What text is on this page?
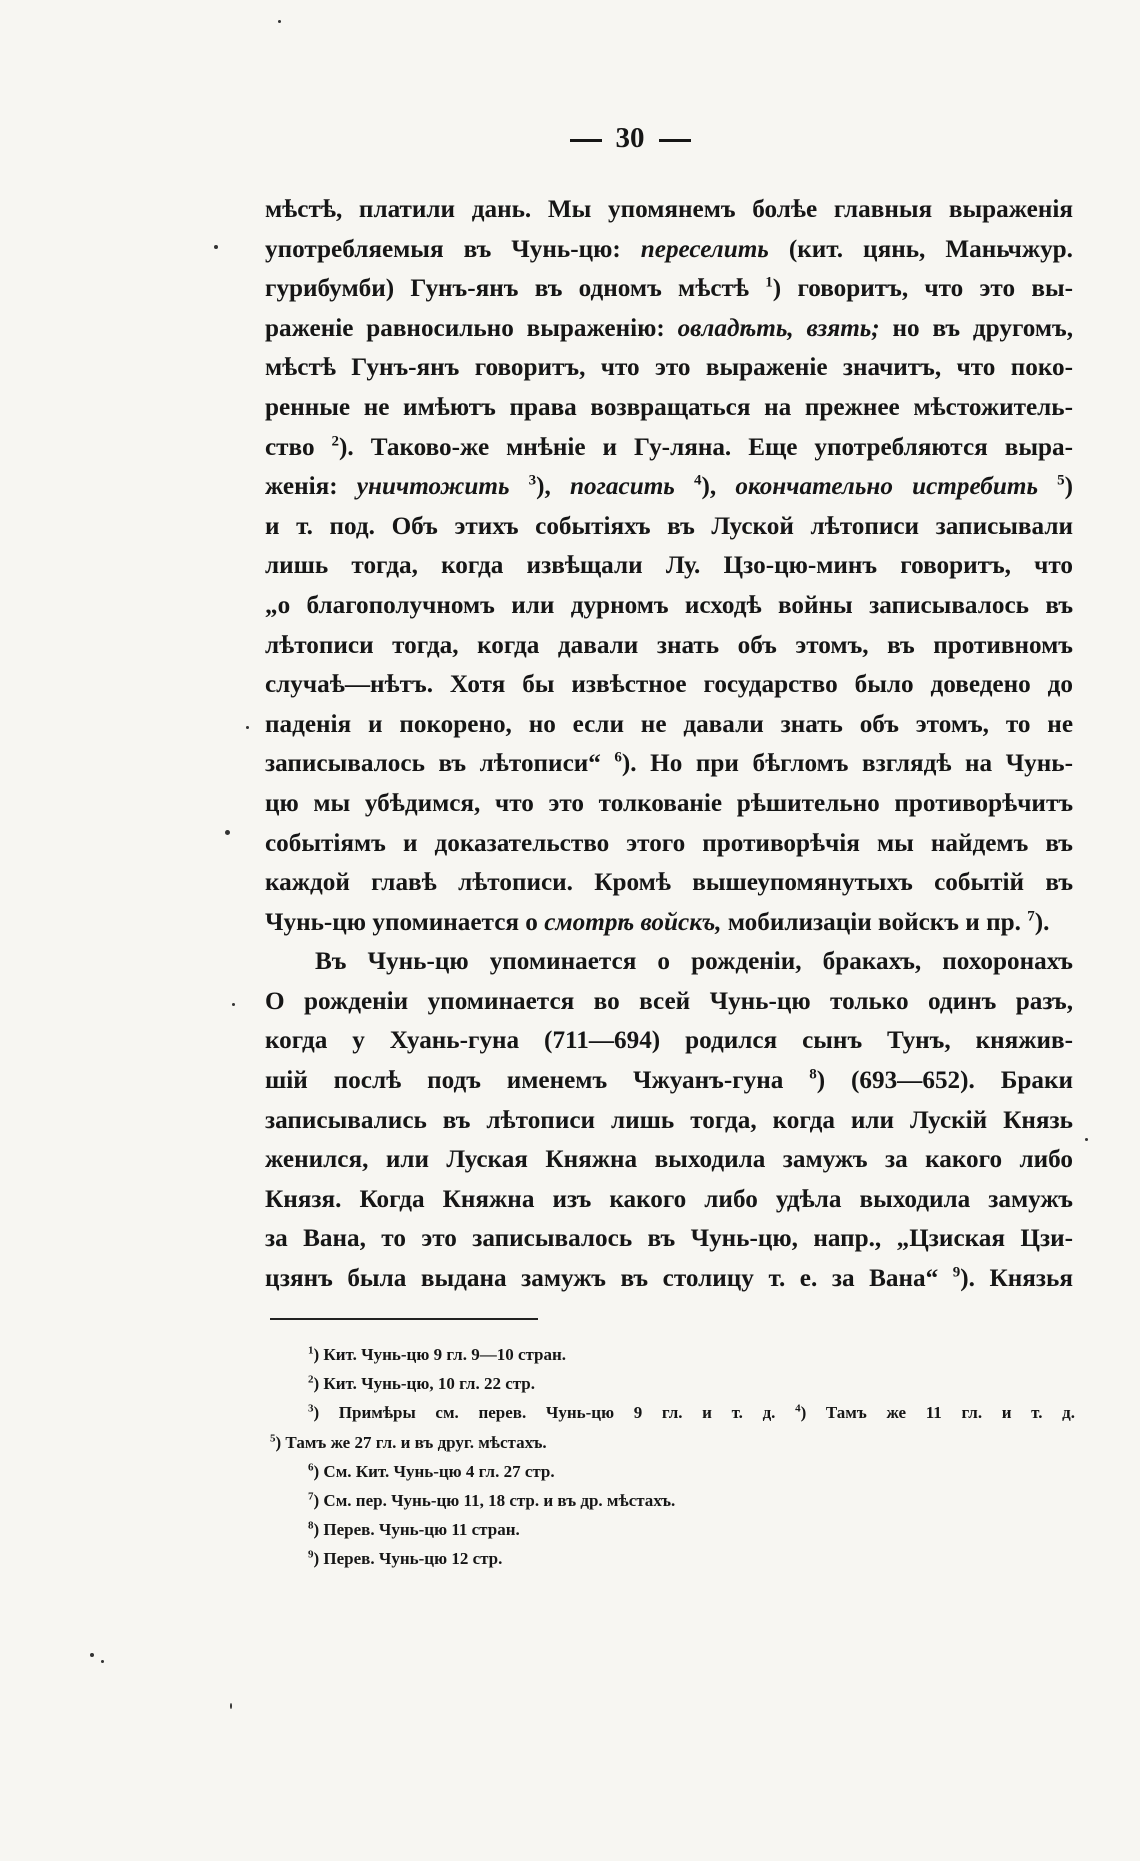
30
мѣстѣ, платили дань. Мы упомянемъ болѣе главныя выраженія
употребляемыя въ Чунь-цю: переселить (кит. цянь, Маньчжур.
гурибумби) Гунъ-янъ въ одномъ мѣстѣ $^1$) говоритъ, что это вы-
раженіе равносильно выраженію: овладѣть, взять; но въ другомъ,
мѣстѣ Гунъ-янъ говоритъ, что это выраженіе значитъ, что поко-
ренные не имѣютъ права возвращаться на прежнее мѣстожитель-
ство $^2$). Таково-же мнѣніе и Гу-ляна. Еще употребляются выра-
женія: уничтожить $^3$), погасить $^4$), окончательно истребить $^5$)
и т. под. Объ этихъ событіяхъ въ Луской лѣтописи записывали
лишь тогда, когда извѣщали Лу. Цзо-цю-минъ говоритъ, что
„о благополучномъ или дурномъ исходѣ войны записывалось въ
лѣтописи тогда, когда давали знать объ этомъ, въ противномъ
случаѣ—нѣтъ. Хотя бы извѣстное государство было доведено до
паденія и покорено, но если не давали знать объ этомъ, то не
записывалось въ лѣтописи“ $^6$). Но при бѣгломъ взглядѣ на Чунь-
цю мы убѣдимся, что это толкованіе рѣшительно противорѣчитъ
событіямъ и доказательство этого противорѣчія мы найдемъ въ
каждой главѣ лѣтописи. Кромѣ вышеупомянутыхъ событій въ
Чунь-цю упоминается о смотрѣ войскъ, мобилизаціи войскъ и пр. $^7$).
Въ Чунь-цю упоминается о рожденіи, бракахъ, похоронахъ
О рожденіи упоминается во всей Чунь-цю только одинъ разъ,
когда у Хуань-гуна (711—694) родился сынъ Тунъ, княжив-
шій послѣ подъ именемъ Чжуанъ-гуна $^8$) (693—652). Браки
записывались въ лѣтописи лишь тогда, когда или Лускій Князь
женился, или Луская Княжна выходила замужъ за какого либо
Князя. Когда Княжна изъ какого либо удѣла выходила замужъ
за Вана, то это записывалось въ Чунь-цю, напр., „Цзиская Цзи-
цзянъ была выдана замужъ въ столицу т. е. за Вана“ $^9$). Князья
$^1$) Кит. Чунь-цю 9 гл. 9—10 стран.
$^2$) Кит. Чунь-цю, 10 гл. 22 стр.
$^3$) Примѣры см. перев. Чунь-цю 9 гл. и т. д. $^4$) Тамъ же 11 гл. и т. д.
$^5$) Тамъ же 27 гл. и въ друг. мѣстахъ.
$^6$) См. Кит. Чунь-цю 4 гл. 27 стр.
$^7$) См. пер. Чунь-цю 11, 18 стр. и въ др. мѣстахъ.
$^8$) Перев. Чунь-цю 11 стран.
$^9$) Перев. Чунь-цю 12 стр.
